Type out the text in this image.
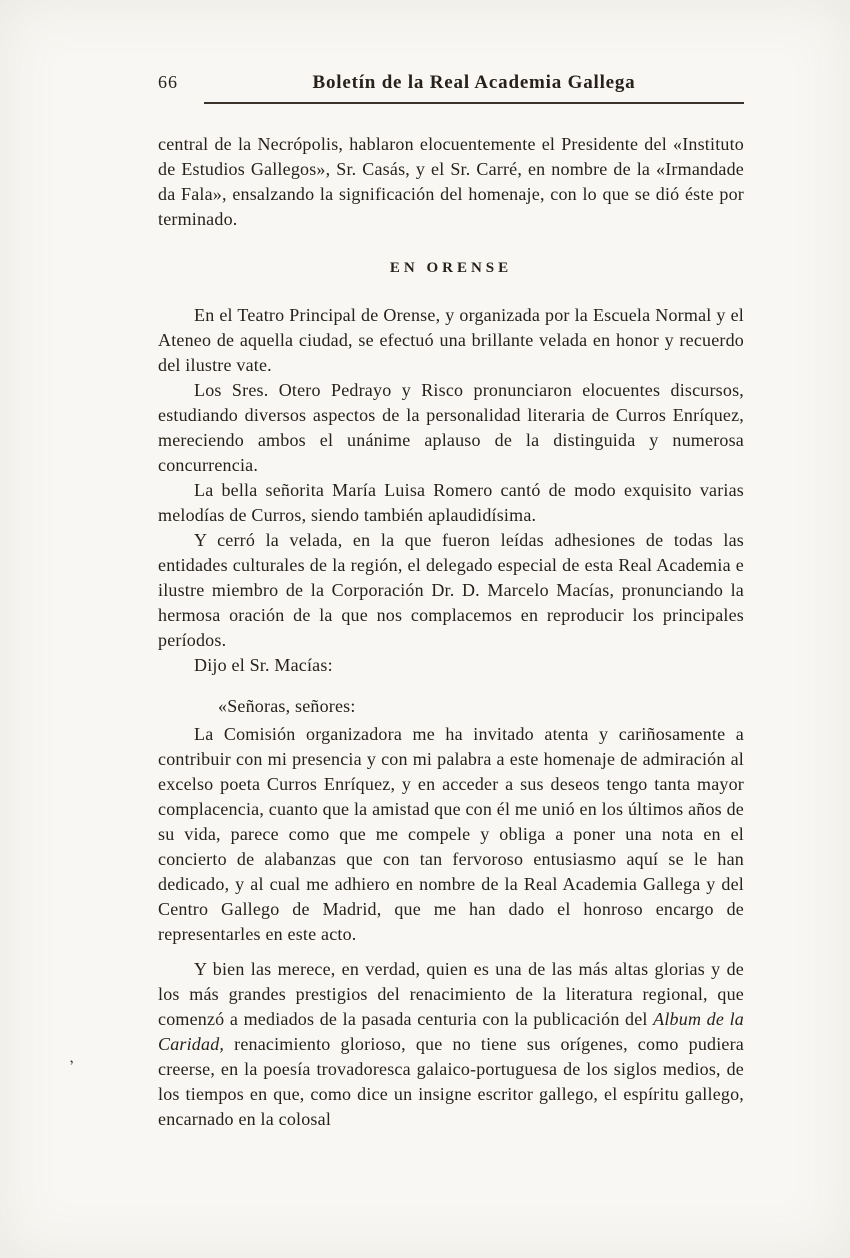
66	Boletín de la Real Academia Gallega

central de la Necrópolis, hablaron elocuentemente el Presidente del «Instituto de Estudios Gallegos», Sr. Casás, y el Sr. Carré, en nombre de la «Irmandade da Fala», ensalzando la significación del homenaje, con lo que se dió éste por terminado.

EN ORENSE

En el Teatro Principal de Orense, y organizada por la Escuela Normal y el Ateneo de aquella ciudad, se efectuó una brillante velada en honor y recuerdo del ilustre vate.

Los Sres. Otero Pedrayo y Risco pronunciaron elocuentes discursos, estudiando diversos aspectos de la personalidad literaria de Curros Enríquez, mereciendo ambos el unánime aplauso de la distinguida y numerosa concurrencia.

La bella señorita María Luisa Romero cantó de modo exquisito varias melodías de Curros, siendo también aplaudidísima.

Y cerró la velada, en la que fueron leídas adhesiones de todas las entidades culturales de la región, el delegado especial de esta Real Academia e ilustre miembro de la Corporación Dr. D. Marcelo Macías, pronunciando la hermosa oración de la que nos complacemos en reproducir los principales períodos.

Dijo el Sr. Macías:

«Señoras, señores:

La Comisión organizadora me ha invitado atenta y cariñosamente a contribuir con mi presencia y con mi palabra a este homenaje de admiración al excelso poeta Curros Enríquez, y en acceder a sus deseos tengo tanta mayor complacencia, cuanto que la amistad que con él me unió en los últimos años de su vida, parece como que me compele y obliga a poner una nota en el concierto de alabanzas que con tan fervoroso entusiasmo aquí se le han dedicado, y al cual me adhiero en nombre de la Real Academia Gallega y del Centro Gallego de Madrid, que me han dado el honroso encargo de representarles en este acto.

Y bien las merece, en verdad, quien es una de las más altas glorias y de los más grandes prestigios del renacimiento de la literatura regional, que comenzó a mediados de la pasada centuria con la publicación del Album de la Caridad, renacimiento glorioso, que no tiene sus orígenes, como pudiera creerse, en la poesía trovadoresca galaico-portuguesa de los siglos medios, de los tiempos en que, como dice un insigne escritor gallego, el espíritu gallego, encarnado en la colosal

’
